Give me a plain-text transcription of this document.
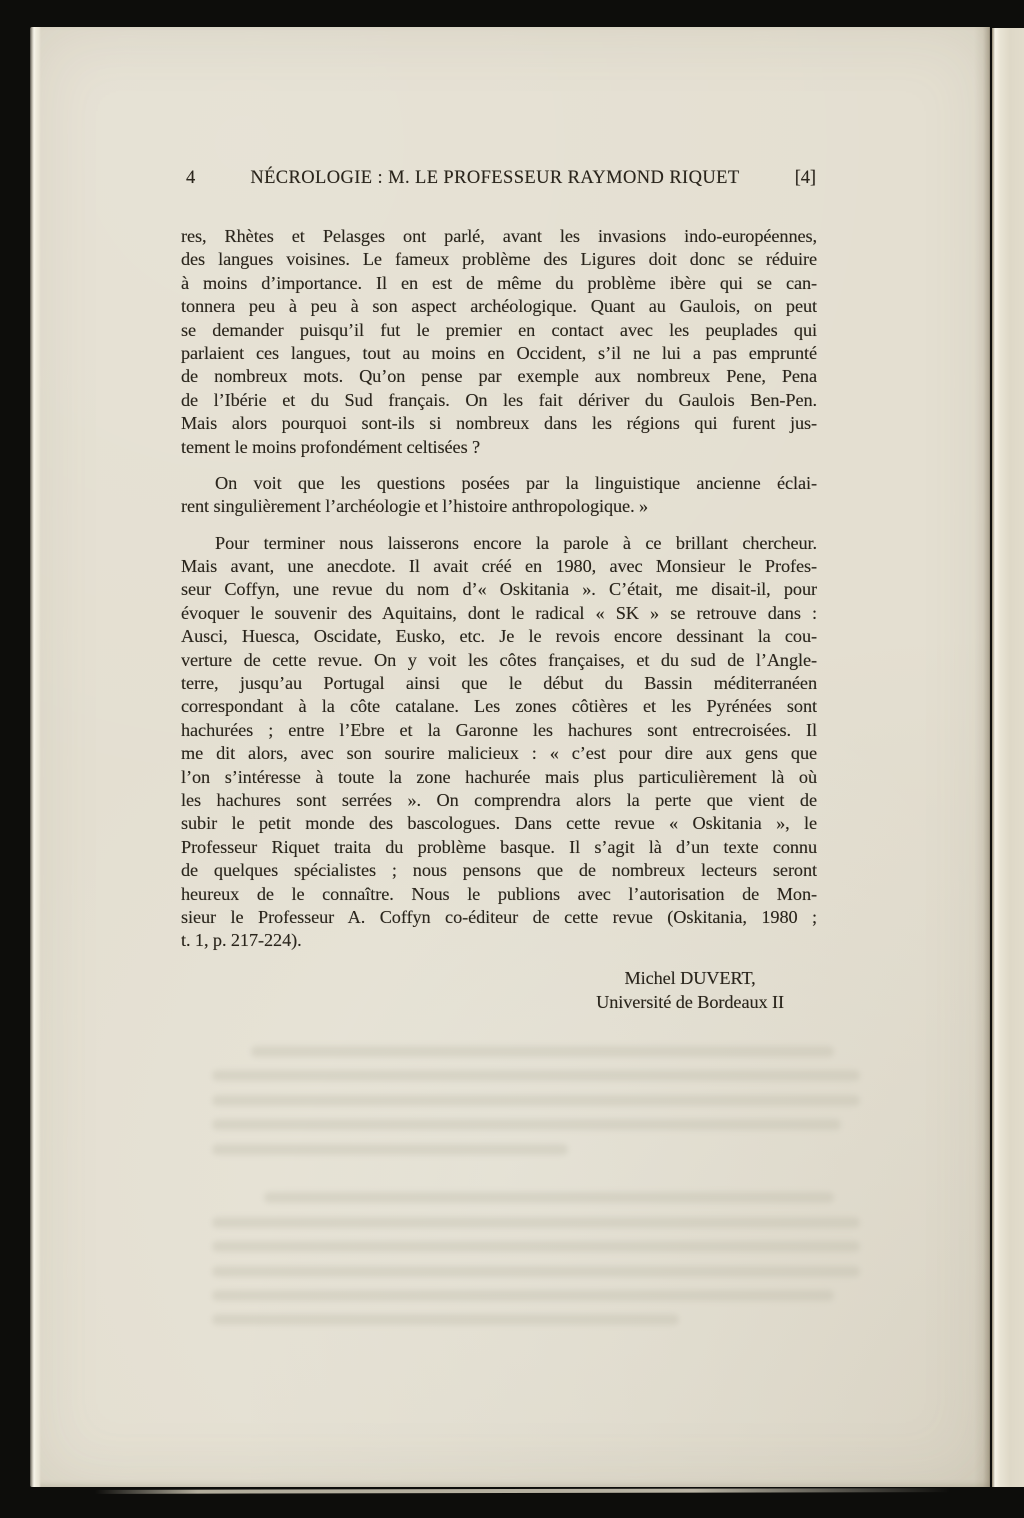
4	NÉCROLOGIE : M. LE PROFESSEUR RAYMOND RIQUET	[4]
res, Rhètes et Pelasges ont parlé, avant les invasions indo-européennes,
des langues voisines. Le fameux problème des Ligures doit donc se réduire
à moins d’importance. Il en est de même du problème ibère qui se can-
tonnera peu à peu à son aspect archéologique. Quant au Gaulois, on peut
se demander puisqu’il fut le premier en contact avec les peuplades qui
parlaient ces langues, tout au moins en Occident, s’il ne lui a pas emprunté
de nombreux mots. Qu’on pense par exemple aux nombreux Pene, Pena
de l’Ibérie et du Sud français. On les fait dériver du Gaulois Ben-Pen.
Mais alors pourquoi sont-ils si nombreux dans les régions qui furent jus-
tement le moins profondément celtisées ?
On voit que les questions posées par la linguistique ancienne éclai-
rent singulièrement l’archéologie et l’histoire anthropologique. »
Pour terminer nous laisserons encore la parole à ce brillant chercheur.
Mais avant, une anecdote. Il avait créé en 1980, avec Monsieur le Profes-
seur Coffyn, une revue du nom d’« Oskitania ». C’était, me disait-il, pour
évoquer le souvenir des Aquitains, dont le radical « SK » se retrouve dans :
Ausci, Huesca, Oscidate, Eusko, etc. Je le revois encore dessinant la cou-
verture de cette revue. On y voit les côtes françaises, et du sud de l’Angle-
terre, jusqu’au Portugal ainsi que le début du Bassin méditerranéen
correspondant à la côte catalane. Les zones côtières et les Pyrénées sont
hachurées ; entre l’Ebre et la Garonne les hachures sont entrecroisées. Il
me dit alors, avec son sourire malicieux : « c’est pour dire aux gens que
l’on s’intéresse à toute la zone hachurée mais plus particulièrement là où
les hachures sont serrées ». On comprendra alors la perte que vient de
subir le petit monde des bascologues. Dans cette revue « Oskitania », le
Professeur Riquet traita du problème basque. Il s’agit là d’un texte connu
de quelques spécialistes ; nous pensons que de nombreux lecteurs seront
heureux de le connaître. Nous le publions avec l’autorisation de Mon-
sieur le Professeur A. Coffyn co-éditeur de cette revue (Oskitania, 1980 ;
t. 1, p. 217-224).
Michel DUVERT,
Université de Bordeaux II
